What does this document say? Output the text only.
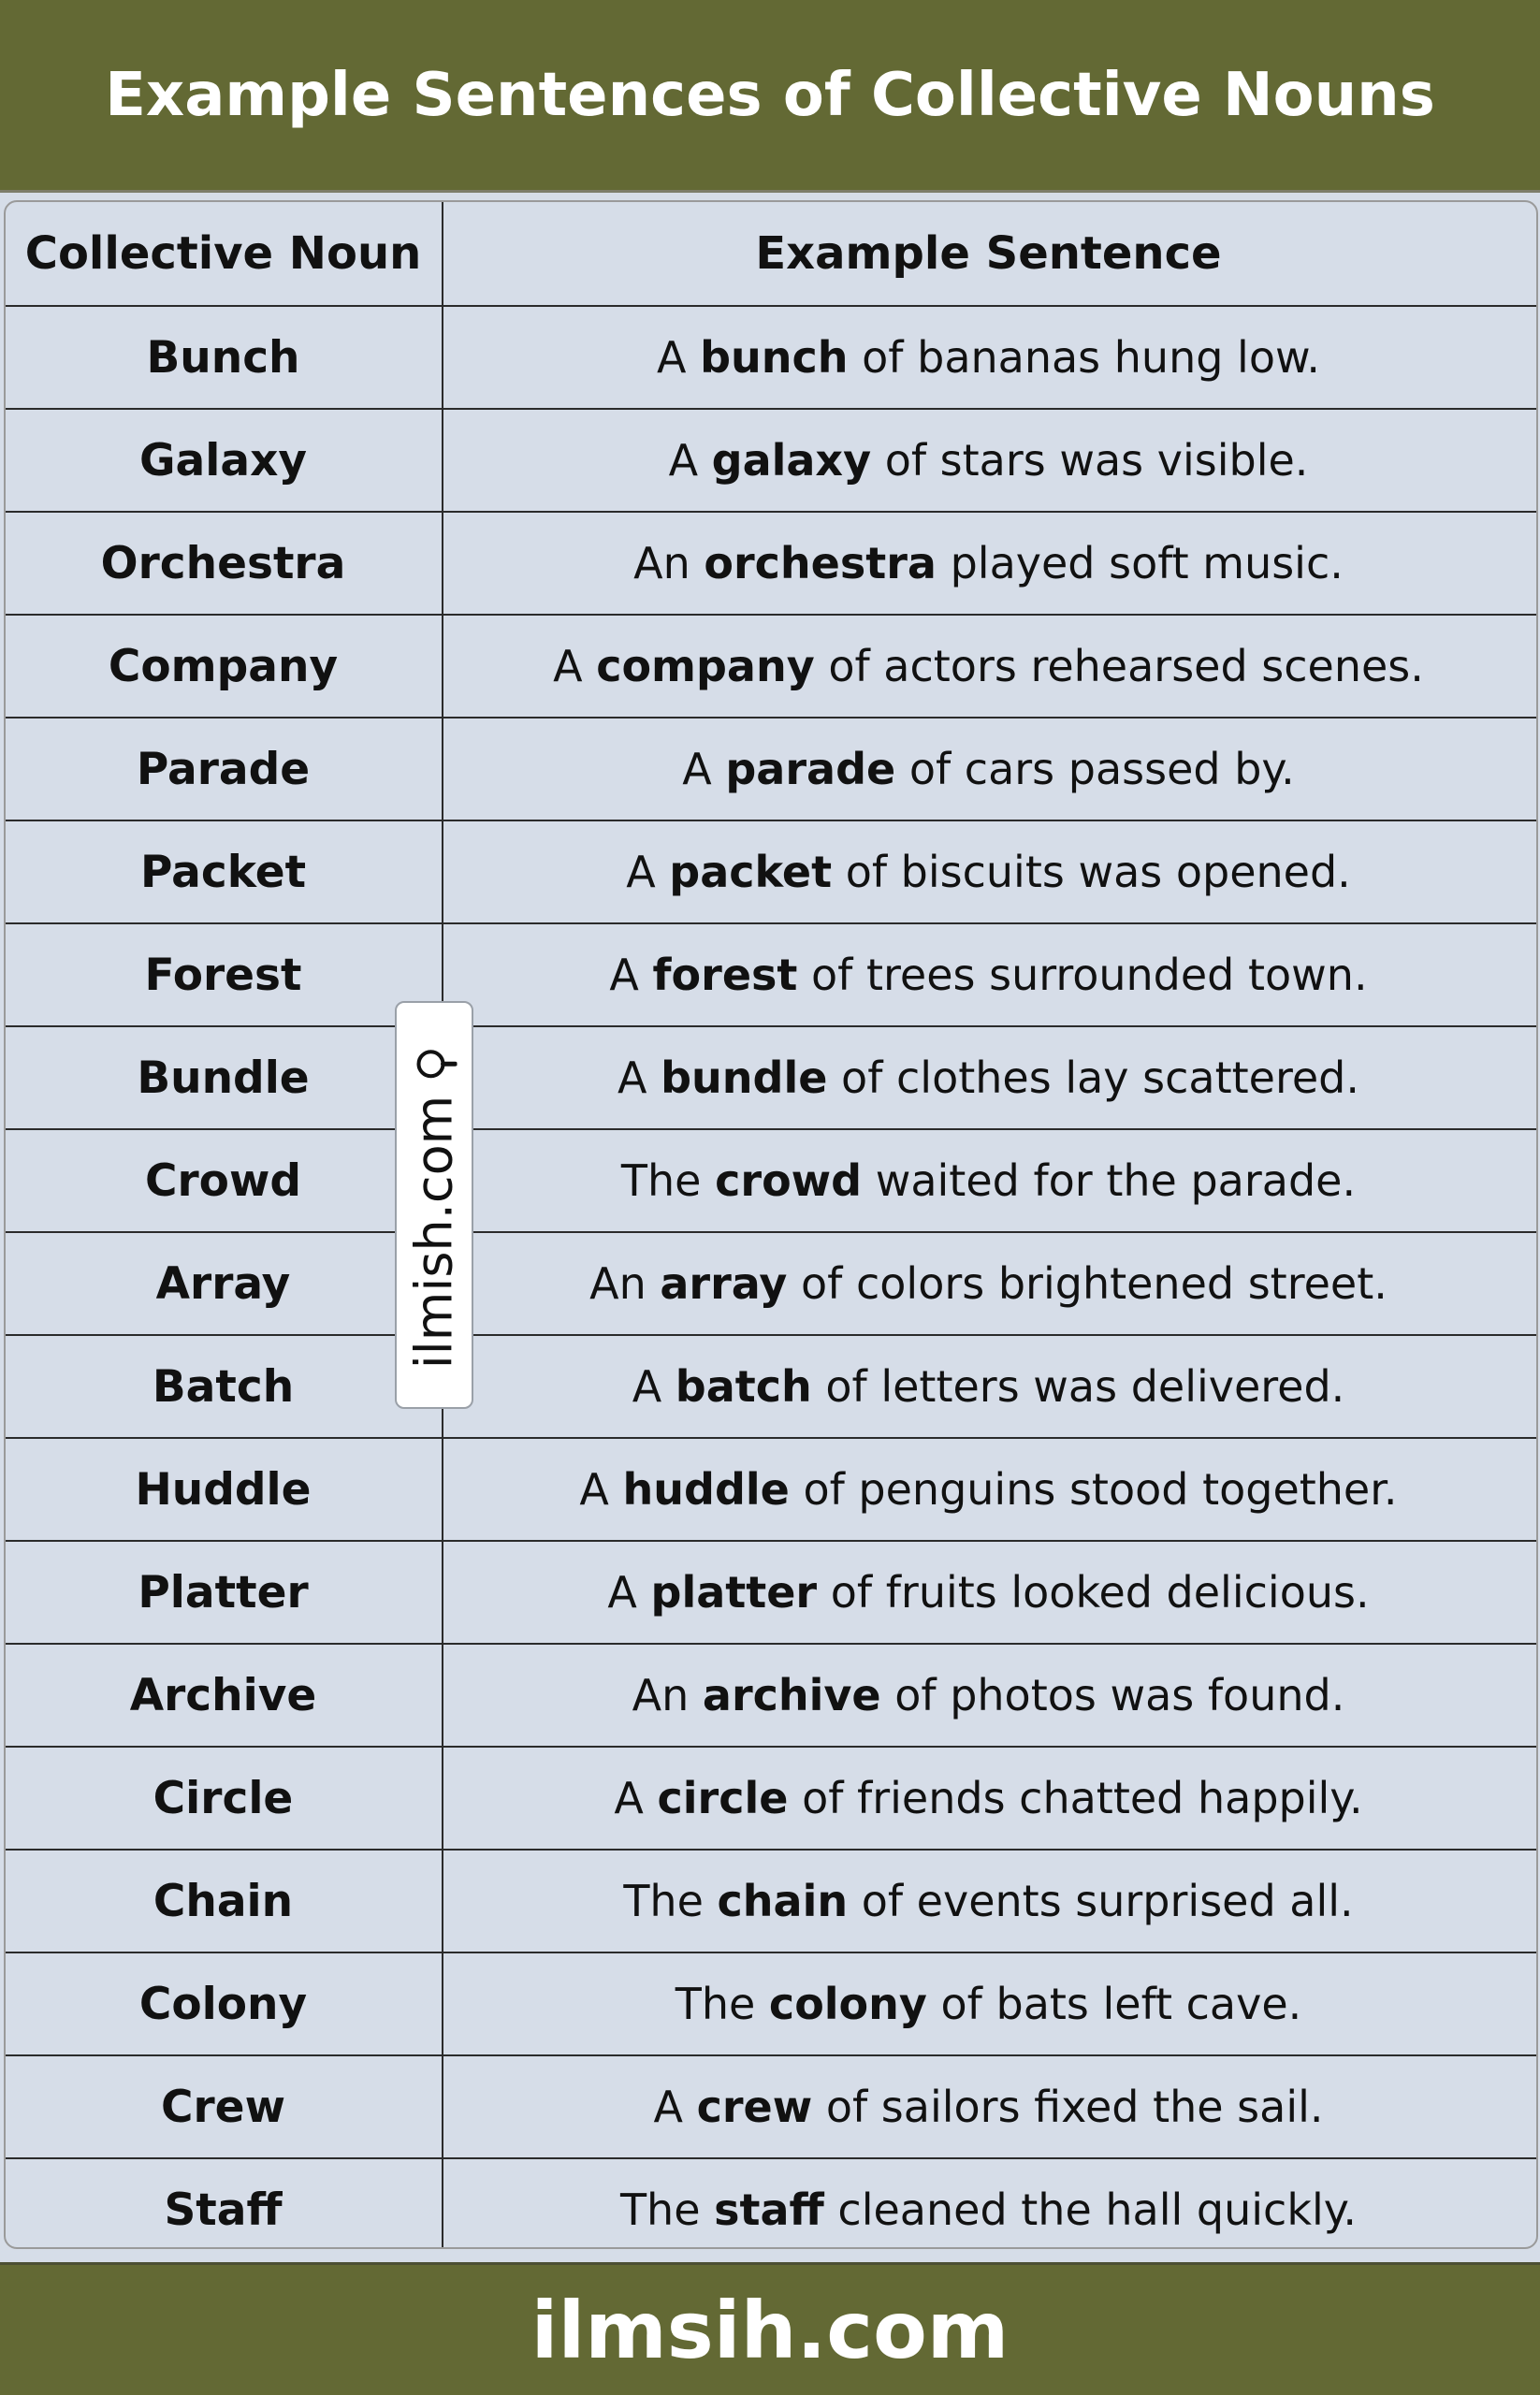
Example Sentences of Collective Nouns
Collective Noun	Example Sentence
Bunch	A bunch of bananas hung low.
Galaxy	A galaxy of stars was visible.
Orchestra	An orchestra played soft music.
Company	A company of actors rehearsed scenes.
Parade	A parade of cars passed by.
Packet	A packet of biscuits was opened.
Forest	A forest of trees surrounded town.
Bundle	A bundle of clothes lay scattered.
Crowd	The crowd waited for the parade.
Array	An array of colors brightened street.
Batch	A batch of letters was delivered.
Huddle	A huddle of penguins stood together.
Platter	A platter of fruits looked delicious.
Archive	An archive of photos was found.
Circle	A circle of friends chatted happily.
Chain	The chain of events surprised all.
Colony	The colony of bats left cave.
Crew	A crew of sailors fixed the sail.
Staff	The staff cleaned the hall quickly.
ilmish.com
ilmsih.com
